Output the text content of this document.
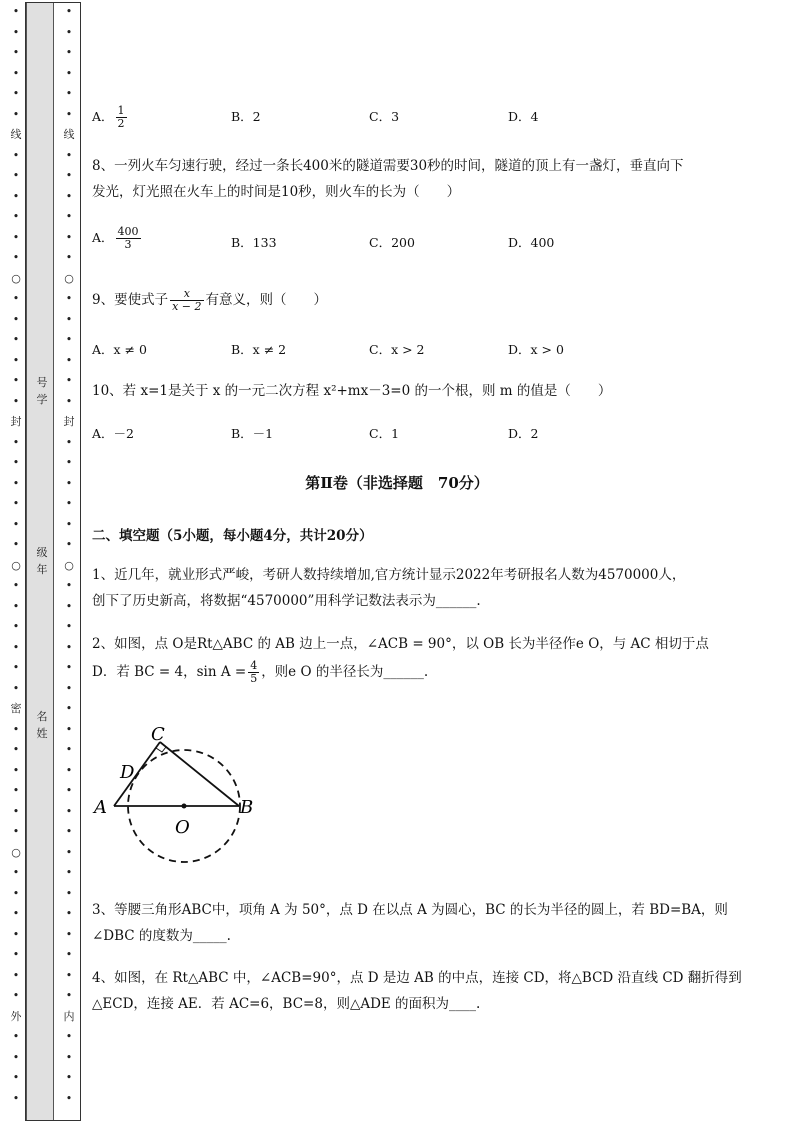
•
•
•
•
•
•
线
•
•
•
•
•
•
○
•
•
•
•
•
•
封
•
•
•
•
•
•
○
•
•
•
•
•
•
密
•
•
•
•
•
•
○
•
•
•
•
•
•
•
外
•
•
•
•
•
•
•
•
•
•
线
•
•
•
•
•
•
○
•
•
•
•
•
•
封
•
•
•
•
•
•
○
•
•
•
•
•
•
•
•
•
•
•
•
•
•
•
•
•
•
•
•
•
内
•
•
•
•
号学
级年
名姓
A． $\frac{1}{2}$	B．2	C．3	D．4
8、一列火车匀速行驶，经过一条长400米的隧道需要30秒的时间，隧道的顶上有一盏灯，垂直向下
发光，灯光照在火车上的时间是10秒，则火车的长为（　　）
A． $\frac{400}{3}$	B．133	C．200	D．400
9、要使式子 $\frac{x}{x - 2}$ 有意义，则（　　）
A．x ≠ 0	B．x ≠ 2	C．x > 2	D．x > 0
10、若 x=1是关于 x 的一元二次方程 x²+mx－3=0 的一个根，则 m 的值是（　　）
A．－2	B．－1	C．1	D．2
第Ⅱ卷（非选择题　70分）
二、填空题（5小题，每小题4分，共计20分）
1、近几年，就业形式严峻，考研人数持续增加,官方统计显示2022年考研报名人数为4570000人，
创下了历史新高，将数据“4570000”用科学记数法表示为______.
2、如图，点 O是Rt△ABC 的 AB 边上一点，∠ACB = 90°，以 OB 长为半径作e O，与 AC 相切于点
D．若 BC = 4，$\sin A = \frac{4}{5}$ ，则e O 的半径长为______.
A	B
C
D
O
3、等腰三角形ABC中，项角 A 为 50°，点 D 在以点 A 为圆心，BC 的长为半径的圆上，若 BD=BA，则
∠DBC 的度数为_____.
4、如图，在 Rt△ABC 中，∠ACB=90°，点 D 是边 AB 的中点，连接 CD，将△BCD 沿直线 CD 翻折得到
△ECD，连接 AE．若 AC=6，BC=8，则△ADE 的面积为____.
